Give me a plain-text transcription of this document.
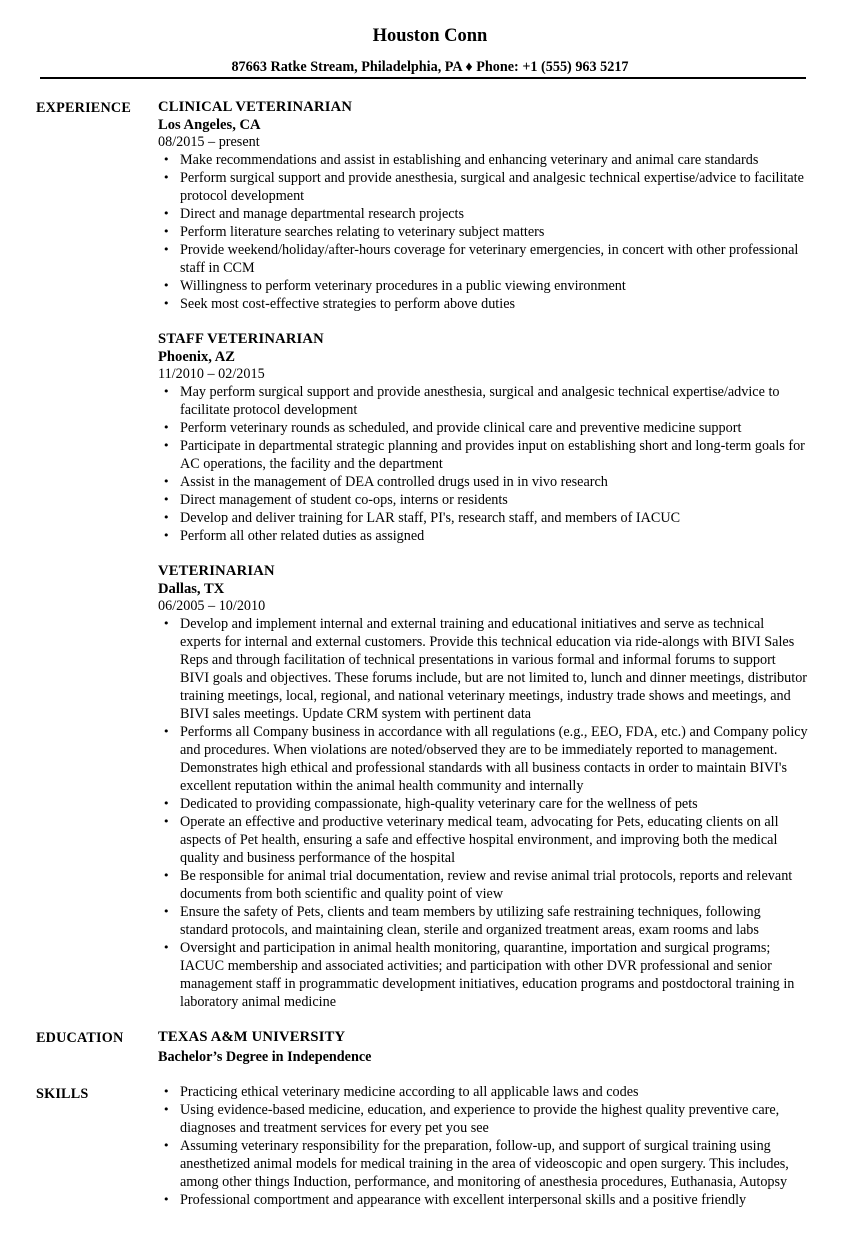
Houston Conn
87663 Ratke Stream, Philadelphia, PA ♦ Phone: +1 (555) 963 5217
EXPERIENCE CLINICAL VETERINARIAN
Los Angeles, CA
08/2015 – present
• Make recommendations and assist in establishing and enhancing veterinary and animal care standards
• Perform surgical support and provide anesthesia, surgical and analgesic technical expertise/advice to facilitate protocol development
• Direct and manage departmental research projects
• Perform literature searches relating to veterinary subject matters
• Provide weekend/holiday/after-hours coverage for veterinary emergencies, in concert with other professional staff in CCM
• Willingness to perform veterinary procedures in a public viewing environment
• Seek most cost-effective strategies to perform above duties
STAFF VETERINARIAN
Phoenix, AZ
11/2010 – 02/2015
• May perform surgical support and provide anesthesia, surgical and analgesic technical expertise/advice to facilitate protocol development
• Perform veterinary rounds as scheduled, and provide clinical care and preventive medicine support
• Participate in departmental strategic planning and provides input on establishing short and long-term goals for AC operations, the facility and the department
• Assist in the management of DEA controlled drugs used in in vivo research
• Direct management of student co-ops, interns or residents
• Develop and deliver training for LAR staff, PI's, research staff, and members of IACUC
• Perform all other related duties as assigned
VETERINARIAN
Dallas, TX
06/2005 – 10/2010
• Develop and implement internal and external training and educational initiatives and serve as technical experts for internal and external customers. Provide this technical education via ride-alongs with BIVI Sales Reps and through facilitation of technical presentations in various formal and informal forums to support BIVI goals and objectives. These forums include, but are not limited to, lunch and dinner meetings, distributor training meetings, local, regional, and national veterinary meetings, industry trade shows and meetings, and BIVI sales meetings. Update CRM system with pertinent data
• Performs all Company business in accordance with all regulations (e.g., EEO, FDA, etc.) and Company policy and procedures. When violations are noted/observed they are to be immediately reported to management. Demonstrates high ethical and professional standards with all business contacts in order to maintain BIVI's excellent reputation within the animal health community and internally
• Dedicated to providing compassionate, high-quality veterinary care for the wellness of pets
• Operate an effective and productive veterinary medical team, advocating for Pets, educating clients on all aspects of Pet health, ensuring a safe and effective hospital environment, and improving both the medical quality and business performance of the hospital
• Be responsible for animal trial documentation, review and revise animal trial protocols, reports and relevant documents from both scientific and quality point of view
• Ensure the safety of Pets, clients and team members by utilizing safe restraining techniques, following standard protocols, and maintaining clean, sterile and organized treatment areas, exam rooms and labs
• Oversight and participation in animal health monitoring, quarantine, importation and surgical programs; IACUC membership and associated activities; and participation with other DVR professional and senior management staff in programmatic development initiatives, education programs and postdoctoral training in laboratory animal medicine
EDUCATION TEXAS A&M UNIVERSITY
Bachelor’s Degree in Independence
SKILLS
•	Practicing ethical veterinary medicine according to all applicable laws and codes
• Using evidence-based medicine, education, and experience to provide the highest quality preventive care, diagnoses and treatment services for every pet you see
• Assuming veterinary responsibility for the preparation, follow-up, and support of surgical training using anesthetized animal models for medical training in the area of videoscopic and open surgery. This includes, among other things Induction, performance, and monitoring of anesthesia procedures, Euthanasia, Autopsy
• Professional comportment and appearance with excellent interpersonal skills and a positive friendly
